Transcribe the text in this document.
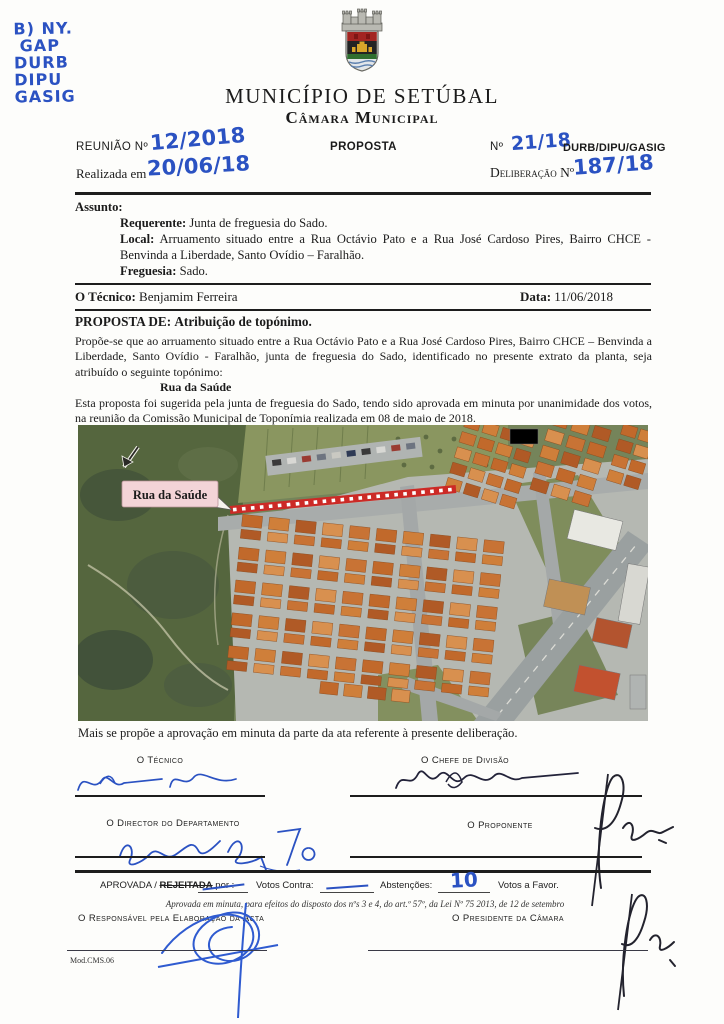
B) NY.
GAP
DURB
DIPU
GASIG	MUNICÍPIO DE SETÚBAL
Câmara Municipal
REUNIÃO Nº 12/2018
Realizada em 20/06/18
PROPOSTA	Nº 21/18
DURB/DIPU/GASIG
Deliberação Nº
187/18
Assunto:
Requerente: Junta de freguesia do Sado.
Local: Arruamento situado entre a Rua Octávio Pato e a Rua José Cardoso Pires, Bairro CHCE - Benvinda a Liberdade, Santo Ovídio – Faralhão.
Freguesia: Sado.
O Técnico: Benjamim Ferreira	Data: 11/06/2018
PROPOSTA DE: Atribuição de topónimo.
Propõe-se que ao arruamento situado entre a Rua Octávio Pato e a Rua José Cardoso Pires, Bairro CHCE – Benvinda a Liberdade, Santo Ovídio - Faralhão, junta de freguesia do Sado, identificado no presente extrato da planta, seja atribuído o seguinte topónimo:
Rua da Saúde
Esta proposta foi sugerida pela junta de freguesia do Sado, tendo sido aprovada em minuta por unanimidade dos votos, na reunião da Comissão Municipal de Toponímia realizada em 08 de maio de 2018.
Rua da Saúde
Mais se propõe a aprovação em minuta da parte da ata referente à presente deliberação.
O Técnico	O Chefe de Divisão
O Director do Departamento	O Proponente
APROVADA / REJEITADA por : Votos Contra:	Abstenções: 10 Votos a Favor.
Aprovada em minuta, para efeitos do disposto dos nºs 3 e 4, do art.º 57º, da Lei Nº 75 2013, de 12 de setembro
O Responsável pela Elaboração da Acta	O Presidente da Câmara
Mod.CMS.06
